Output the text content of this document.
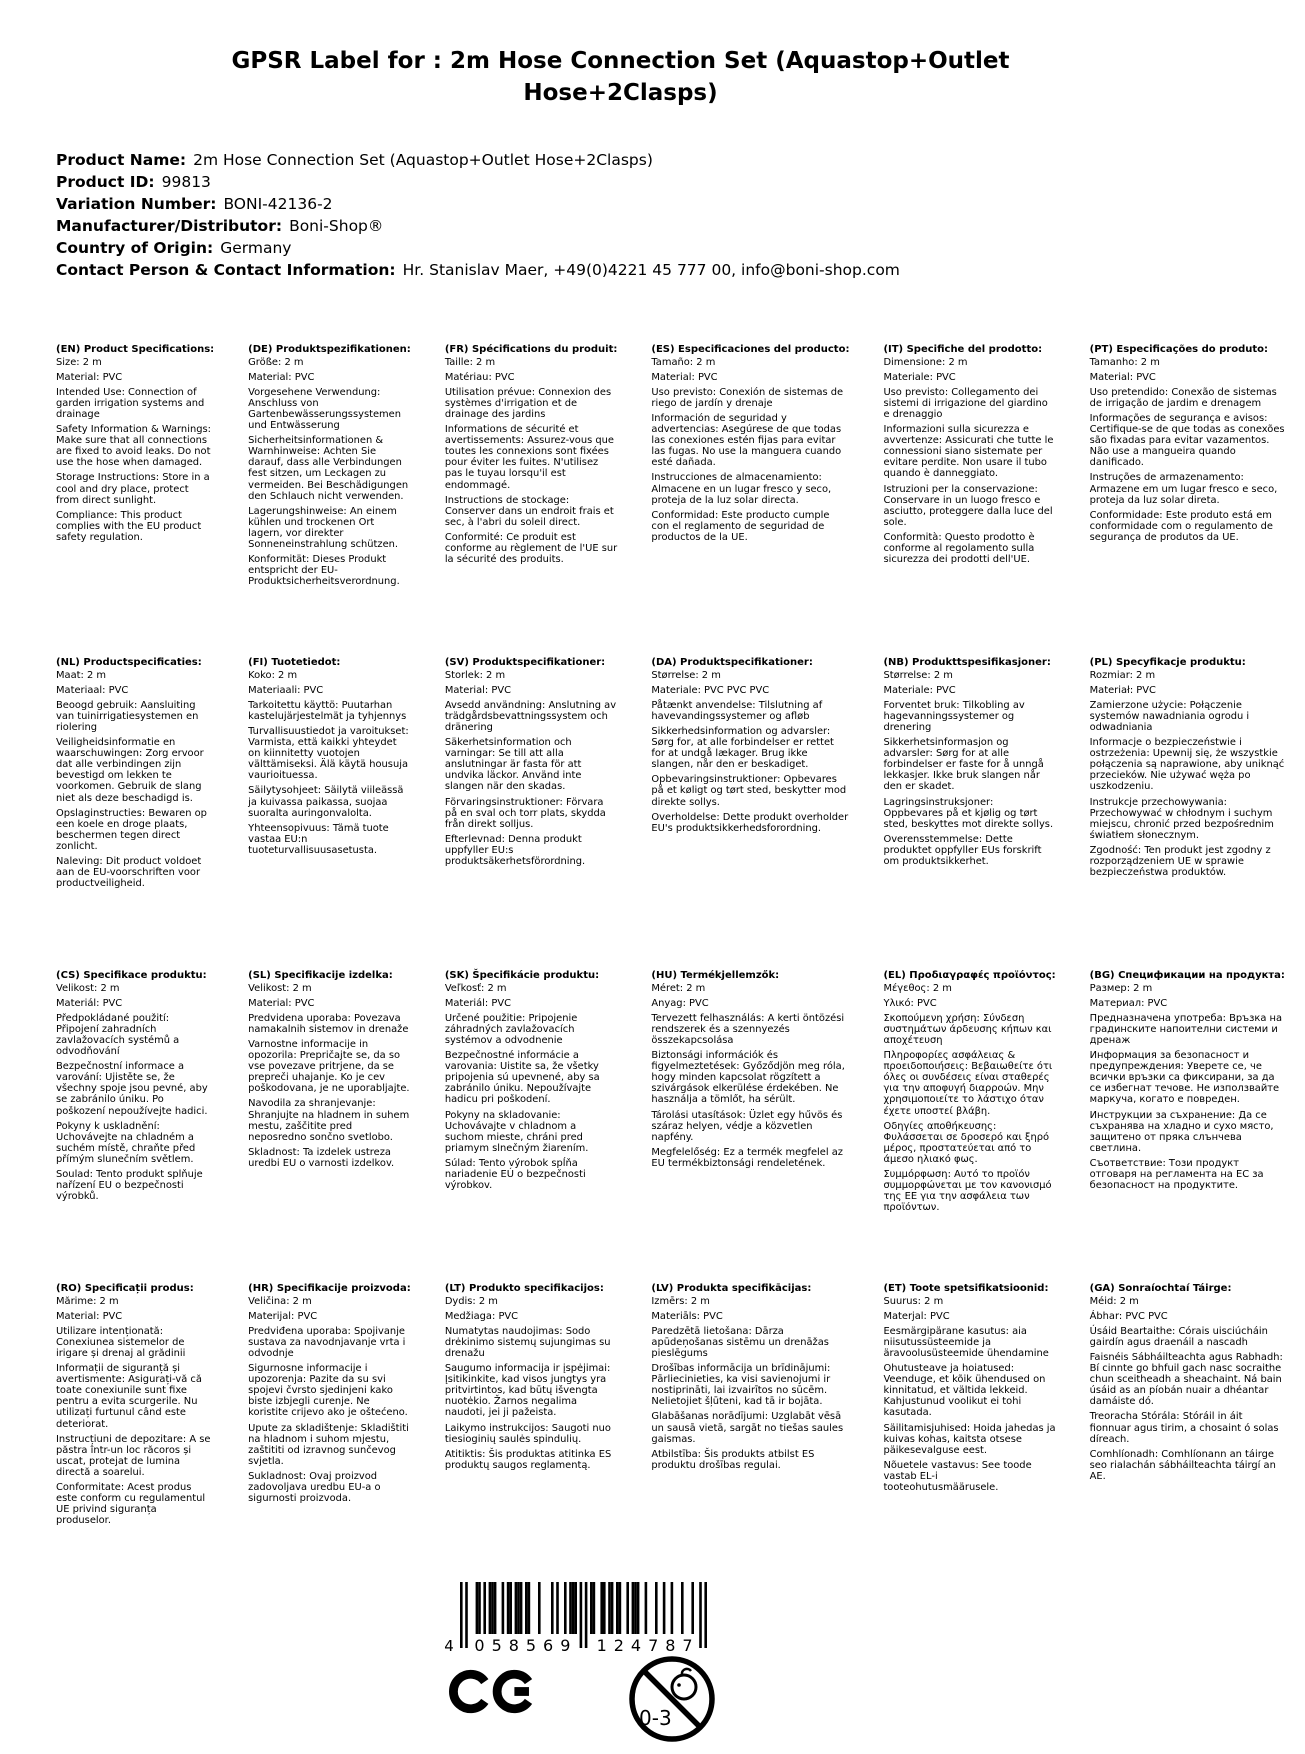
GPSR Label for : 2m Hose Connection Set (Aquastop+Outlet Hose+2Clasps)
Product Name: 2m Hose Connection Set (Aquastop+Outlet Hose+2Clasps)
Product ID: 99813
Variation Number: BONI-42136-2
Manufacturer/Distributor: Boni-Shop®
Country of Origin: Germany
Contact Person & Contact Information: Hr. Stanislav Maer, +49(0)4221 45 777 00, info@boni-shop.com
(EN) Product Specifications:

Size: 2 m

Material: PVC

Intended Use: Connection of garden irrigation systems and drainage

Safety Information & Warnings: Make sure that all connections are fixed to avoid leaks. Do not use the hose when damaged.

Storage Instructions: Store in a cool and dry place, protect from direct sunlight.

Compliance: This product complies with the EU product safety regulation.

(DE) Produktspezifikationen:

Größe: 2 m

Material: PVC

Vorgesehene Verwendung: Anschluss von Gartenbewässerungssystemen und Entwässerung

Sicherheitsinformationen & Warnhinweise: Achten Sie darauf, dass alle Verbindungen fest sitzen, um Leckagen zu vermeiden. Bei Beschädigungen den Schlauch nicht verwenden.

Lagerungshinweise: An einem kühlen und trockenen Ort lagern, vor direkter Sonneneinstrahlung schützen.

Konformität: Dieses Produkt entspricht der EU-Produktsicherheitsverordnung.

(FR) Spécifications du produit:

Taille: 2 m

Matériau: PVC

Utilisation prévue: Connexion des systèmes d'irrigation et de drainage des jardins

Informations de sécurité et avertissements: Assurez-vous que toutes les connexions sont fixées pour éviter les fuites. N'utilisez pas le tuyau lorsqu'il est endommagé.

Instructions de stockage: Conserver dans un endroit frais et sec, à l'abri du soleil direct.

Conformité: Ce produit est conforme au règlement de l'UE sur la sécurité des produits.

(ES) Especificaciones del producto:

Tamaño: 2 m

Material: PVC

Uso previsto: Conexión de sistemas de riego de jardín y drenaje

Información de seguridad y advertencias: Asegúrese de que todas las conexiones estén fijas para evitar las fugas. No use la manguera cuando esté dañada.

Instrucciones de almacenamiento: Almacene en un lugar fresco y seco, proteja de la luz solar directa.

Conformidad: Este producto cumple con el reglamento de seguridad de productos de la UE.

(IT) Specifiche del prodotto:

Dimensione: 2 m

Materiale: PVC

Uso previsto: Collegamento dei sistemi di irrigazione del giardino e drenaggio

Informazioni sulla sicurezza e avvertenze: Assicurati che tutte le connessioni siano sistemate per evitare perdite. Non usare il tubo quando è danneggiato.

Istruzioni per la conservazione: Conservare in un luogo fresco e asciutto, proteggere dalla luce del sole.

Conformità: Questo prodotto è conforme al regolamento sulla sicurezza dei prodotti dell'UE.

(PT) Especificações do produto:

Tamanho: 2 m

Material: PVC

Uso pretendido: Conexão de sistemas de irrigação de jardim e drenagem

Informações de segurança e avisos: Certifique-se de que todas as conexões são fixadas para evitar vazamentos. Não use a mangueira quando danificado.

Instruções de armazenamento: Armazene em um lugar fresco e seco, proteja da luz solar direta.

Conformidade: Este produto está em conformidade com o regulamento de segurança de produtos da UE.

(NL) Productspecificaties:

Maat: 2 m

Materiaal: PVC

Beoogd gebruik: Aansluiting van tuinirrigatiesystemen en riolering

Veiligheidsinformatie en waarschuwingen: Zorg ervoor dat alle verbindingen zijn bevestigd om lekken te voorkomen. Gebruik de slang niet als deze beschadigd is.

Opslaginstructies: Bewaren op een koele en droge plaats, beschermen tegen direct zonlicht.

Naleving: Dit product voldoet aan de EU-voorschriften voor productveiligheid.

(FI) Tuotetiedot:

Koko: 2 m

Materiaali: PVC

Tarkoitettu käyttö: Puutarhan kastelujärjestelmät ja tyhjennys

Turvallisuustiedot ja varoitukset: Varmista, että kaikki yhteydet on kiinnitetty vuotojen välttämiseksi. Älä käytä housuja vaurioituessa.

Säilytysohjeet: Säilytä viileässä ja kuivassa paikassa, suojaa suoralta auringonvalolta.

Yhteensopivuus: Tämä tuote vastaa EU:n tuoteturvallisuusasetusta.

(SV) Produktspecifikationer:

Storlek: 2 m

Material: PVC

Avsedd användning: Anslutning av trädgårdsbevattningssystem och dränering

Säkerhetsinformation och varningar: Se till att alla anslutningar är fasta för att undvika läckor. Använd inte slangen när den skadas.

Förvaringsinstruktioner: Förvara på en sval och torr plats, skydda från direkt solljus.

Efterlevnad: Denna produkt uppfyller EU:s produktsäkerhetsförordning.

(DA) Produktspecifikationer:

Størrelse: 2 m

Materiale: PVC PVC PVC

Påtænkt anvendelse: Tilslutning af havevandingssystemer og afløb

Sikkerhedsinformation og advarsler: Sørg for, at alle forbindelser er rettet for at undgå lækager. Brug ikke slangen, når den er beskadiget.

Opbevaringsinstruktioner: Opbevares på et køligt og tørt sted, beskytter mod direkte sollys.

Overholdelse: Dette produkt overholder EU's produktsikkerhedsforordning.

(NB) Produkttspesifikasjoner:

Størrelse: 2 m

Materiale: PVC

Forventet bruk: Tilkobling av hagevanningssystemer og drenering

Sikkerhetsinformasjon og advarsler: Sørg for at alle forbindelser er faste for å unngå lekkasjer. Ikke bruk slangen når den er skadet.

Lagringsinstruksjoner: Oppbevares på et kjølig og tørt sted, beskyttes mot direkte sollys.

Overensstemmelse: Dette produktet oppfyller EUs forskrift om produktsikkerhet.

(PL) Specyfikacje produktu:

Rozmiar: 2 m

Materiał: PVC

Zamierzone użycie: Połączenie systemów nawadniania ogrodu i odwadniania

Informacje o bezpieczeństwie i ostrzeżenia: Upewnij się, że wszystkie połączenia są naprawione, aby uniknąć przecieków. Nie używać węża po uszkodzeniu.

Instrukcje przechowywania: Przechowywać w chłodnym i suchym miejscu, chronić przed bezpośrednim światłem słonecznym.

Zgodność: Ten produkt jest zgodny z rozporządzeniem UE w sprawie bezpieczeństwa produktów.

(CS) Specifikace produktu:

Velikost: 2 m

Materiál: PVC

Předpokládané použití: Připojení zahradních zavlažovacích systémů a odvodňování

Bezpečnostní informace a varování: Ujistěte se, že všechny spoje jsou pevné, aby se zabránilo úniku. Po poškození nepoužívejte hadici.

Pokyny k uskladnění: Uchovávejte na chladném a suchém místě, chraňte před přímým slunečním světlem.

Soulad: Tento produkt splňuje nařízení EU o bezpečnosti výrobků.

(SL) Specifikacije izdelka:

Velikost: 2 m

Material: PVC

Predvidena uporaba: Povezava namakalnih sistemov in drenaže

Varnostne informacije in opozorila: Prepričajte se, da so vse povezave pritrjene, da se prepreči uhajanje. Ko je cev poškodovana, je ne uporabljajte.

Navodila za shranjevanje: Shranjujte na hladnem in suhem mestu, zaščitite pred neposredno sončno svetlobo.

Skladnost: Ta izdelek ustreza uredbi EU o varnosti izdelkov.

(SK) Špecifikácie produktu:

Veľkosť: 2 m

Materiál: PVC

Určené použitie: Pripojenie záhradných zavlažovacích systémov a odvodnenie

Bezpečnostné informácie a varovania: Uistite sa, že všetky pripojenia sú upevnené, aby sa zabránilo úniku. Nepoužívajte hadicu pri poškodení.

Pokyny na skladovanie: Uchovávajte v chladnom a suchom mieste, chráni pred priamym slnečným žiarením.

Súlad: Tento výrobok spĺňa nariadenie EÚ o bezpečnosti výrobkov.

(HU) Termékjellemzők:

Méret: 2 m

Anyag: PVC

Tervezett felhasználás: A kerti öntözési rendszerek és a szennyezés összekapcsolása

Biztonsági információk és figyelmeztetések: Győződjön meg róla, hogy minden kapcsolat rögzített a szivárgások elkerülése érdekében. Ne használja a tömlőt, ha sérült.

Tárolási utasítások: Üzlet egy hűvös és száraz helyen, védje a közvetlen napfény.

Megfelelőség: Ez a termék megfelel az EU termékbiztonsági rendeletének.

(EL) Προδιαγραφές προϊόντος:

Μέγεθος: 2 m

Υλικό: PVC

Σκοπούμενη χρήση: Σύνδεση συστημάτων άρδευσης κήπων και αποχέτευση

Πληροφορίες ασφάλειας & προειδοποιήσεις: Βεβαιωθείτε ότι όλες οι συνδέσεις είναι σταθερές για την αποφυγή διαρροών. Μην χρησιμοποιείτε το λάστιχο όταν έχετε υποστεί βλάβη.

Οδηγίες αποθήκευσης: Φυλάσσεται σε δροσερό και ξηρό μέρος, προστατεύεται από το άμεσο ηλιακό φως.

Συμμόρφωση: Αυτό το προϊόν συμμορφώνεται με τον κανονισμό της ΕΕ για την ασφάλεια των προϊόντων.

(BG) Спецификации на продукта:

Размер: 2 m

Материал: PVC

Предназначена употреба: Връзка на градинските напоителни системи и дренаж

Информация за безопасност и предупреждения: Уверете се, че всички връзки са фиксирани, за да се избегнат течове. Не използвайте маркуча, когато е повреден.

Инструкции за съхранение: Да се съхранява на хладно и сухо място, защитено от пряка слънчева светлина.

Съответствие: Този продукт отговаря на регламента на ЕС за безопасност на продуктите.

(RO) Specificații produs:

Mărime: 2 m

Material: PVC

Utilizare intenționată: Conexiunea sistemelor de irigare și drenaj al grădinii

Informații de siguranță și avertismente: Asigurați-vă că toate conexiunile sunt fixe pentru a evita scurgerile. Nu utilizați furtunul când este deteriorat.

Instrucțiuni de depozitare: A se păstra într-un loc răcoros și uscat, protejat de lumina directă a soarelui.

Conformitate: Acest produs este conform cu regulamentul UE privind siguranța produselor.

(HR) Specifikacije proizvoda:

Veličina: 2 m

Materijal: PVC

Predviđena uporaba: Spojivanje sustava za navodnjavanje vrta i odvodnje

Sigurnosne informacije i upozorenja: Pazite da su svi spojevi čvrsto sjedinjeni kako biste izbjegli curenje. Ne koristite crijevo ako je oštećeno.

Upute za skladištenje: Skladištiti na hladnom i suhom mjestu, zaštititi od izravnog sunčevog svjetla.

Sukladnost: Ovaj proizvod zadovoljava uredbu EU-a o sigurnosti proizvoda.

(LT) Produkto specifikacijos:

Dydis: 2 m

Medžiaga: PVC

Numatytas naudojimas: Sodo drėkinimo sistemų sujungimas su drenažu

Saugumo informacija ir įspėjimai: Įsitikinkite, kad visos jungtys yra pritvirtintos, kad būtų išvengta nuotėkio. Žarnos negalima naudoti, jei ji pažeista.

Laikymo instrukcijos: Saugoti nuo tiesioginių saulės spindulių.

Atitiktis: Šis produktas atitinka ES produktų saugos reglamentą.

(LV) Produkta specifikācijas:

Izmērs: 2 m

Materiāls: PVC

Paredzētā lietošana: Dārza apūdeņošanas sistēmu un drenāžas pieslēgums

Drošības informācija un brīdinājumi: Pārliecinieties, ka visi savienojumi ir nostiprināti, lai izvairītos no sūcēm. Nelietojiet šļūteni, kad tā ir bojāta.

Glabāšanas norādījumi: Uzglabāt vēsā un sausā vietā, sargāt no tiešas saules gaismas.

Atbilstība: Šis produkts atbilst ES produktu drošības regulai.

(ET) Toote spetsifikatsioonid:

Suurus: 2 m

Materjal: PVC

Eesmärgipärane kasutus: aia niisutussüsteemide ja äravoolusüsteemide ühendamine

Ohutusteave ja hoiatused: Veenduge, et kõik ühendused on kinnitatud, et vältida lekkeid. Kahjustunud voolikut ei tohi kasutada.

Säilitamisjuhised: Hoida jahedas ja kuivas kohas, kaitsta otsese päikesevalguse eest.

Nõuetele vastavus: See toode vastab EL-i tooteohutusmäärusele.

(GA) Sonraíochtaí Táirge:

Méid: 2 m

Ábhar: PVC PVC

Úsáid Beartaithe: Córais uisciúcháin gairdín agus draenáil a nascadh

Faisnéis Sábháilteachta agus Rabhadh: Bí cinnte go bhfuil gach nasc socraithe chun sceitheadh a sheachaint. Ná bain úsáid as an píobán nuair a dhéantar damáiste dó.

Treoracha Stórála: Stóráil in áit fionnuar agus tirim, a chosaint ó solas díreach.

Comhlíonadh: Comhlíonann an táirge seo rialachán sábháilteachta táirgí an AE.

4 058569 124787
0-3
